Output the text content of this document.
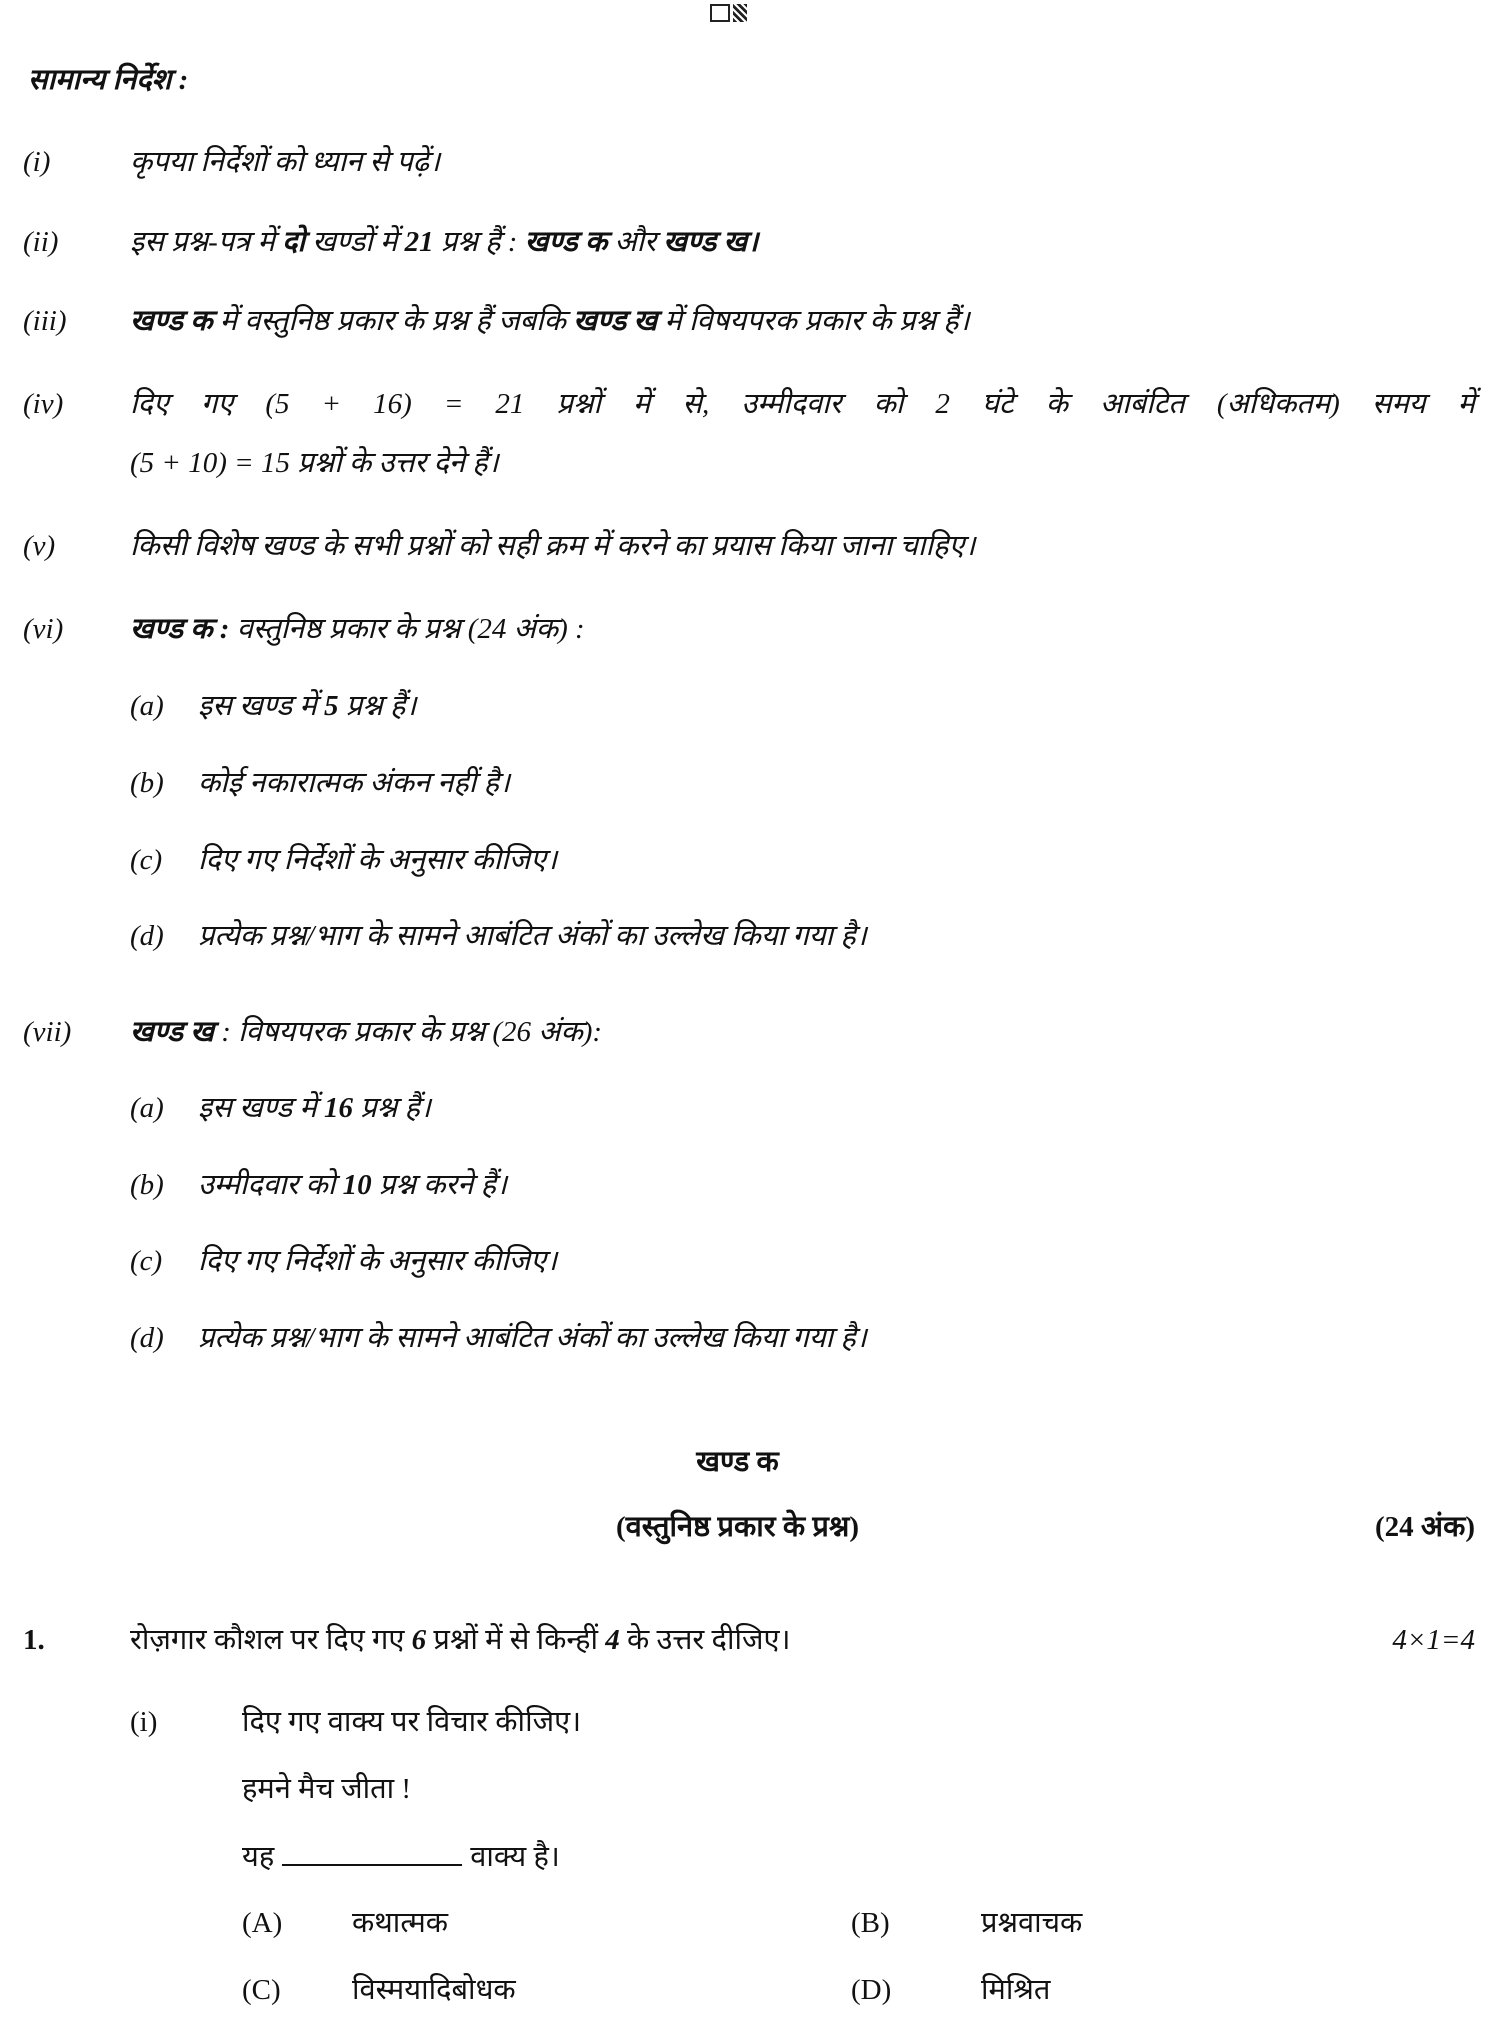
सामान्य निर्देश :
(i)	कृपया निर्देशों को ध्यान से पढ़ें।
(ii) इस प्रश्न-पत्र में दो खण्डों में 21 प्रश्न हैं : खण्ड क और खण्ड ख।
(iii) खण्ड क में वस्तुनिष्ठ प्रकार के प्रश्न हैं जबकि खण्ड ख में विषयपरक प्रकार के प्रश्न हैं।
(iv) दिए गए (5 + 16) = 21 प्रश्नों में से, उम्मीदवार को 2 घंटे के आबंटित (अधिकतम) समय में
(5 + 10) = 15 प्रश्नों के उत्तर देने हैं।
(v)	किसी विशेष खण्ड के सभी प्रश्नों को सही क्रम में करने का प्रयास किया जाना चाहिए।
(vi) खण्ड क : वस्तुनिष्ठ प्रकार के प्रश्न (24 अंक) :
(a) इस खण्ड में 5 प्रश्न हैं।
(b) कोई नकारात्मक अंकन नहीं है।
(c) दिए गए निर्देशों के अनुसार कीजिए।
(d) प्रत्येक प्रश्न/भाग के सामने आबंटित अंकों का उल्लेख किया गया है।
(vii) खण्ड ख : विषयपरक प्रकार के प्रश्न (26 अंक):
(a) इस खण्ड में 16 प्रश्न हैं।
(b) उम्मीदवार को 10 प्रश्न करने हैं।
(c) दिए गए निर्देशों के अनुसार कीजिए।
(d) प्रत्येक प्रश्न/भाग के सामने आबंटित अंकों का उल्लेख किया गया है।
खण्ड क
(वस्तुनिष्ठ प्रकार के प्रश्न)	(24 अंक)
1.	रोज़गार कौशल पर दिए गए 6 प्रश्नों में से किन्हीं 4 के उत्तर दीजिए।	4×1=4
(i)	दिए गए वाक्य पर विचार कीजिए।
हमने मैच जीता !
यह	वाक्य है।
(A) कथात्मक	(B)	प्रश्नवाचक
(C) विस्मयादिबोधक	(D)	मिश्रित
